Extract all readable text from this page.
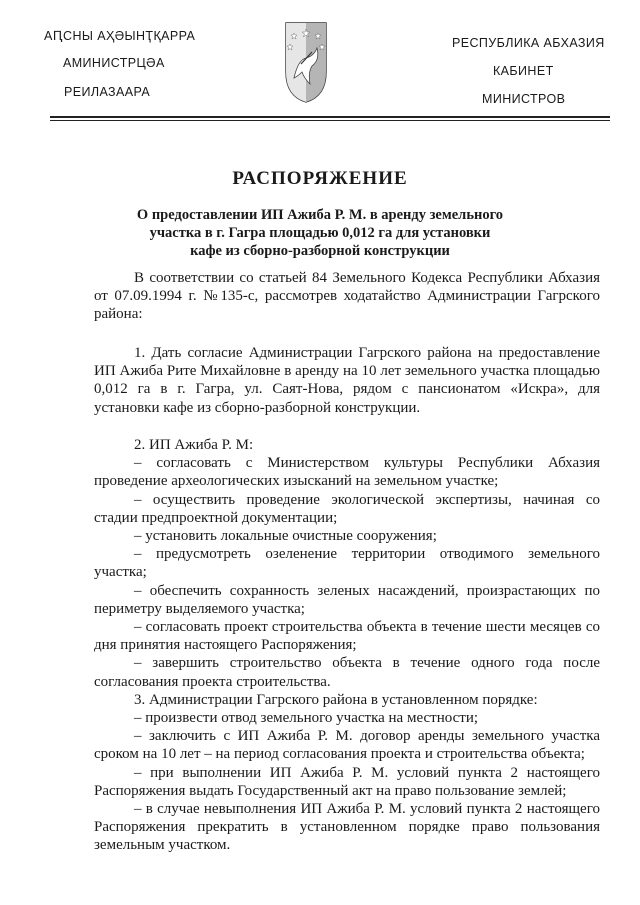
АԤСНЫ АҲӘЫНҬҚАРРА
АМИНИСТРЦӘА
РЕИЛАЗААРА
РЕСПУБЛИКА АБХАЗИЯ
КАБИНЕТ
МИНИСТРОВ
РАСПОРЯЖЕНИЕ
О предоставлении ИП Ажиба Р. М. в аренду земельного
участка в г. Гагра площадью 0,012 га для установки
кафе из сборно-разборной конструкции
В соответствии со статьей 84 Земельного Кодекса Республики Абхазия от 07.09.1994 г. №135-с, рассмотрев ходатайство Администрации Гагрского района:
1. Дать согласие Администрации Гагрского района на предоставление ИП Ажиба Рите Михайловне в аренду на 10 лет земельного участка площадью 0,012 га в г. Гагра, ул. Саят-Нова, рядом с пансионатом «Искра», для установки кафе из сборно-разборной конструкции.
2. ИП Ажиба Р. М:
– согласовать с Министерством культуры Республики Абхазия проведение археологических изысканий на земельном участке;
– осуществить проведение экологической экспертизы, начиная со стадии предпроектной документации;
– установить локальные очистные сооружения;
– предусмотреть озеленение территории отводимого земельного участка;
– обеспечить сохранность зеленых насаждений, произрастающих по периметру выделяемого участка;
– согласовать проект строительства объекта в течение шести месяцев со дня принятия настоящего Распоряжения;
– завершить строительство объекта в течение одного года после согласования проекта строительства.
3. Администрации Гагрского района в установленном порядке:
– произвести отвод земельного участка на местности;
– заключить с ИП Ажиба Р. М. договор аренды земельного участка сроком на 10 лет – на период согласования проекта и строительства объекта;
– при выполнении ИП Ажиба Р. М. условий пункта 2 настоящего Распоряжения выдать Государственный акт на право пользование землей;
– в случае невыполнения ИП Ажиба Р. М. условий пункта 2 настоящего Распоряжения прекратить в установленном порядке право пользования земельным участком.
